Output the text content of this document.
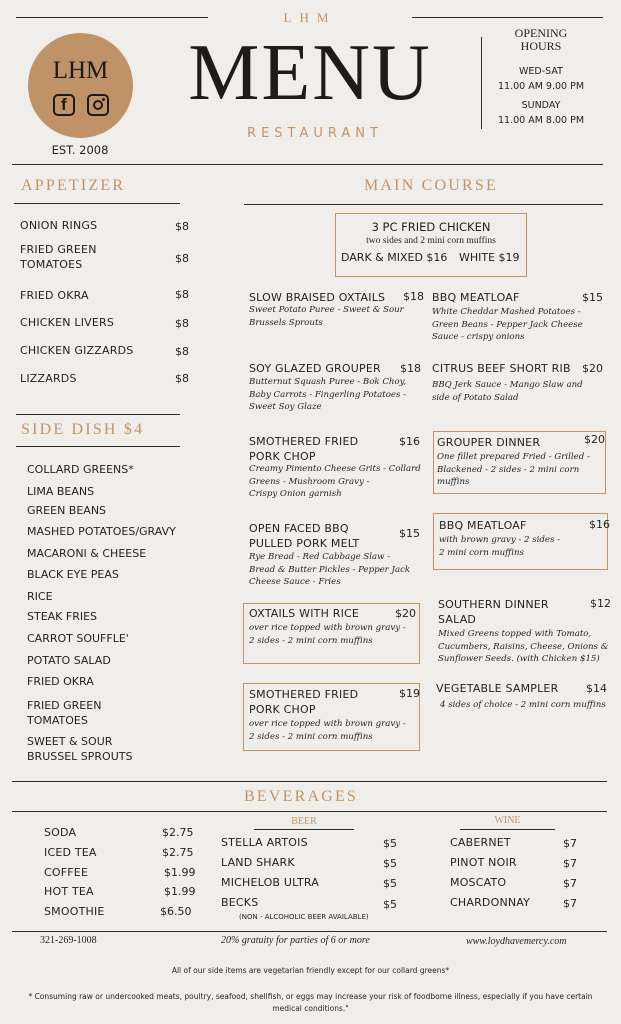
LHM
f
EST. 2008
LHM
MENU
RESTAURANT
OPENING
HOURS
WED-SAT
11.00 AM 9.00 PM
SUNDAY
11.00 AM 8.00 PM
APPETIZER
ONION RINGS	$8
FRIED GREEN
TOMATOES	$8
FRIED OKRA	$8
CHICKEN LIVERS	$8
CHICKEN GIZZARDS	$8
LIZZARDS	$8
SIDE DISH $4
COLLARD GREENS*
LIMA BEANS
GREEN BEANS
MASHED POTATOES/GRAVY
MACARONI & CHEESE
BLACK EYE PEAS
RICE
STEAK FRIES
CARROT SOUFFLE'
POTATO SALAD
FRIED OKRA
FRIED GREEN
TOMATOES
SWEET & SOUR
BRUSSEL SPROUTS
MAIN COURSE
3 PC FRIED CHICKEN
two sides and 2 mini corn muffins
DARK & MIXED $16 WHITE $19
SLOW BRAISED OXTAILS $18
Sweet Potato Puree - Sweet & Sour
Brussels Sprouts
SOY GLAZED GROUPER $18
Butternut Squash Puree - Bok Choy,
Baby Carrots - Fingerling Potatoes -
Sweet Soy Glaze
SMOTHERED FRIED
PORK CHOP
$16
Creamy Pimento Cheese Grits - Collard
Greens - Mushroom Gravy -
Crispy Onion garnish
OPEN FACED BBQ
PULLED PORK MELT
$15
Rye Bread - Red Cabbage Slaw -
Bread & Butter Pickles - Pepper Jack
Cheese Sauce - Fries
OXTAILS WITH RICE	$20
over rice topped with brown gravy -
2 sides - 2 mini corn muffins
SMOTHERED FRIED
PORK CHOP
$19
over rice topped with brown gravy -
2 sides - 2 mini corn muffins
BBQ MEATLOAF	$15
White Cheddar Mashed Potatoes -
Green Beans - Pepper Jack Cheese
Sauce - crispy onions
CITRUS BEEF SHORT RIB $20
BBQ Jerk Sauce - Mango Slaw and
side of Potato Salad
GROUPER DINNER	$20
One fillet prepared Fried - Grilled -
Blackened - 2 sides - 2 mini corn muffins
BBQ MEATLOAF	$16
with brown gravy - 2 sides -
2 mini corn muffins
SOUTHERN DINNER
SALAD
$12
Mixed Greens topped with Tomato,
Cucumbers, Raisins, Cheese, Onions &
Sunflower Seeds. (with Chicken $15)
VEGETABLE SAMPLER	$14
4 sides of choice - 2 mini corn muffins
BEVERAGES
SODA	$2.75
ICED TEA	$2.75
COFFEE	$1.99
HOT TEA	$1.99
SMOOTHIE	$6.50
BEER
STELLA ARTOIS	$5
LAND SHARK	$5
MICHELOB ULTRA	$5
BECKS	$5
(NON - ALCOHOLIC BEER AVAILABLE)
WINE
CABERNET	$7
PINOT NOIR	$7
MOSCATO	$7
CHARDONNAY	$7
321-269-1008	20% gratuity for parties of 6 or more	www.loydhavemercy.com
All of our side items are vegetarian friendly except for our collard greens*
* Consuming raw or undercooked meats, poultry, seafood, shellfish, or eggs may increase your risk of foodborne illness, especially if you have certain medical conditions."
